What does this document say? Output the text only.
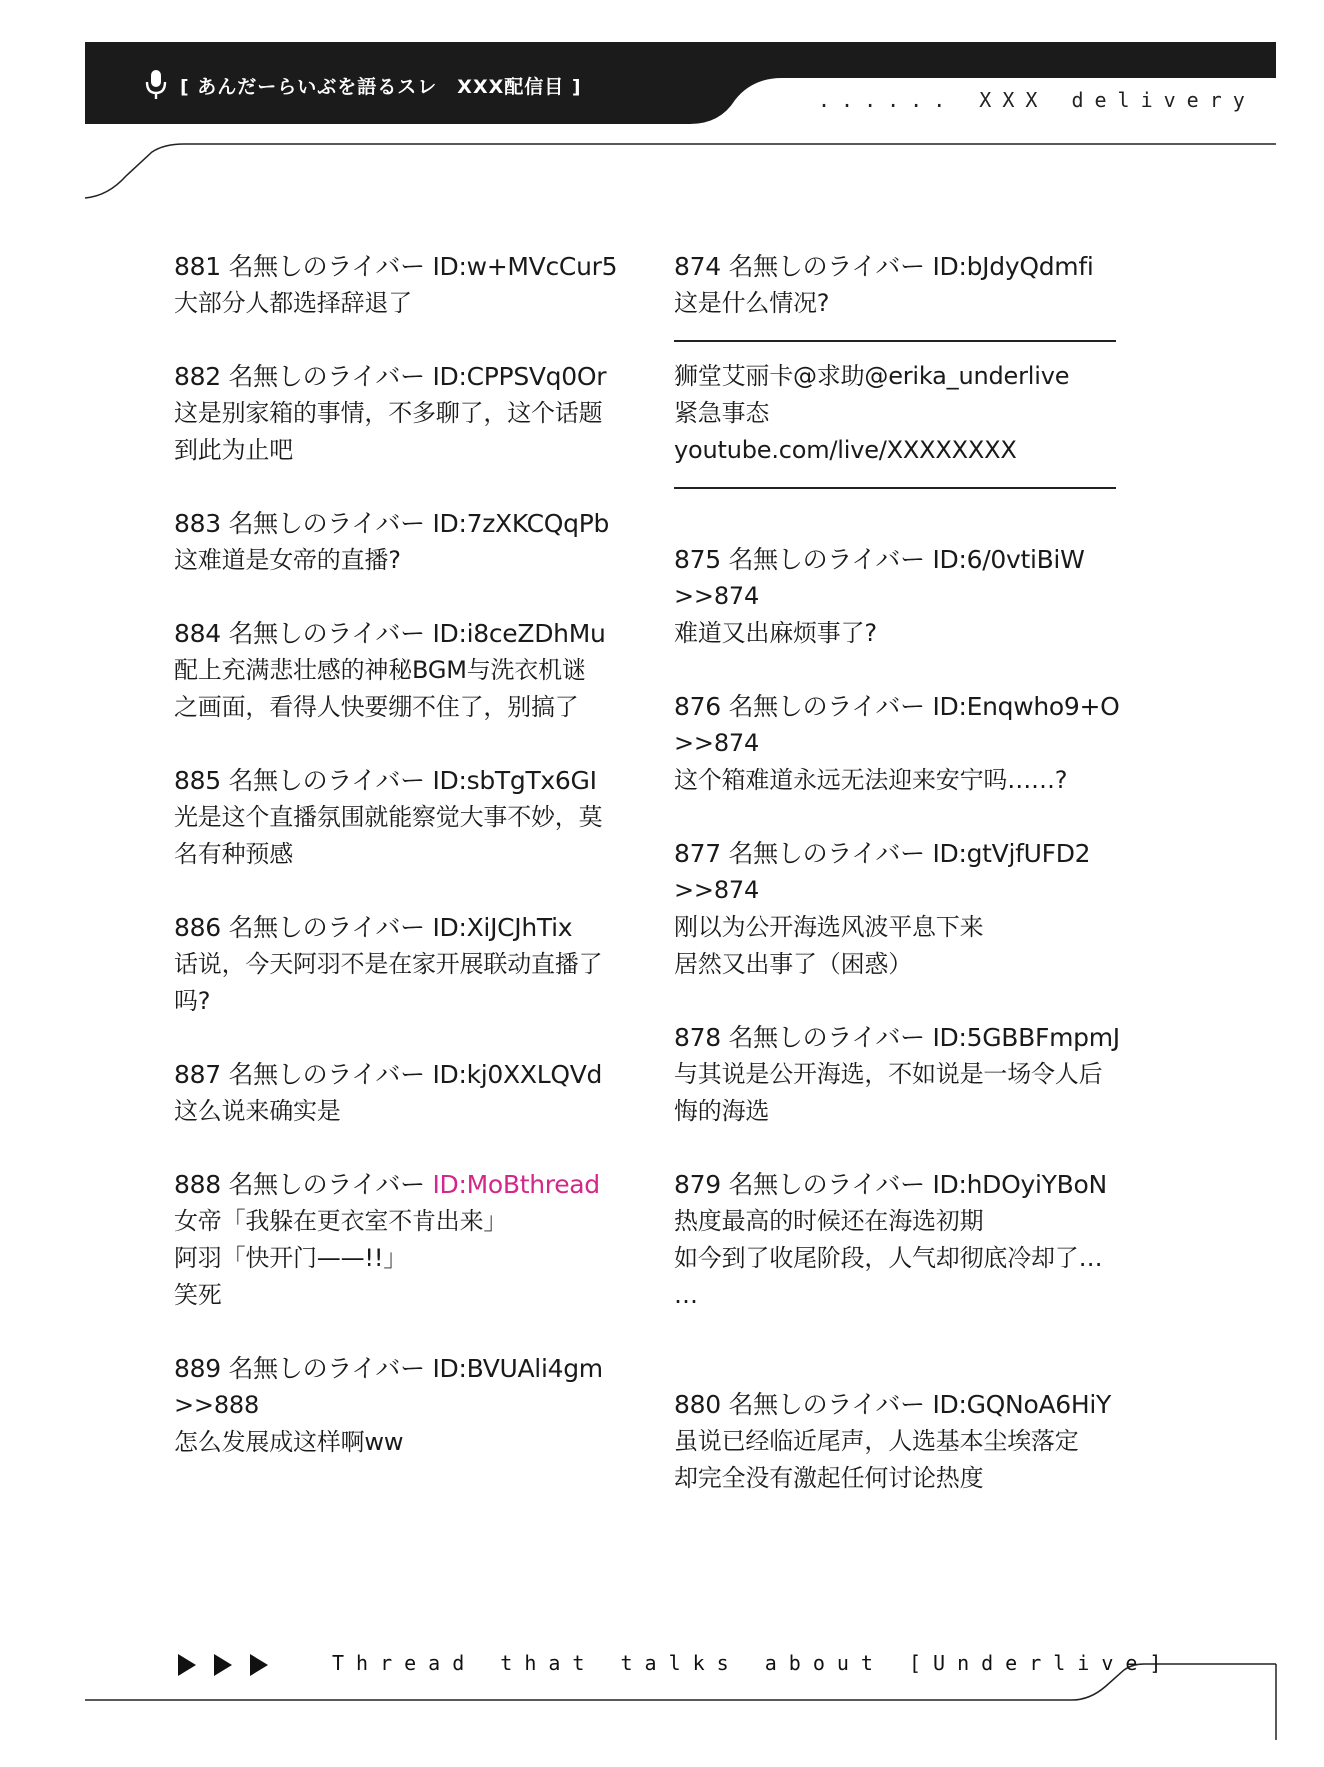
[ あんだーらいぶを語るスレ　XXX配信目 ]
...... XXX delivery
881 名無しのライバー ID:w+MVcCur5
大部分人都选择辞退了
882 名無しのライバー ID:CPPSVq0Or
这是别家箱的事情，不多聊了，这个话题
到此为止吧
883 名無しのライバー ID:7zXKCQqPb
这难道是女帝的直播?
884 名無しのライバー ID:i8ceZDhMu
配上充满悲壮感的神秘BGM与洗衣机谜
之画面，看得人快要绷不住了，别搞了
885 名無しのライバー ID:sbTgTx6GI
光是这个直播氛围就能察觉大事不妙，莫
名有种预感
886 名無しのライバー ID:XiJCJhTix
话说，今天阿羽不是在家开展联动直播了
吗?
887 名無しのライバー ID:kj0XXLQVd
这么说来确实是
888 名無しのライバー ID:MoBthread
女帝「我躲在更衣室不肯出来」
阿羽「快开门——!!」
笑死
889 名無しのライバー ID:BVUAli4gm
>>888
怎么发展成这样啊ww
874 名無しのライバー ID:bJdyQdmfi
这是什么情况?
狮堂艾丽卡@求助@erika_underlive
紧急事态
youtube.com/live/XXXXXXXX
875 名無しのライバー ID:6/0vtiBiW
>>874
难道又出麻烦事了?
876 名無しのライバー ID:Enqwho9+O
>>874
这个箱难道永远无法迎来安宁吗……?
877 名無しのライバー ID:gtVjfUFD2
>>874
刚以为公开海选风波平息下来
居然又出事了（困惑）
878 名無しのライバー ID:5GBBFmpmJ
与其说是公开海选，不如说是一场令人后
悔的海选
879 名無しのライバー ID:hDOyiYBoN
热度最高的时候还在海选初期
如今到了收尾阶段，人气却彻底冷却了…
…
880 名無しのライバー ID:GQNoA6HiY
虽说已经临近尾声，人选基本尘埃落定
却完全没有激起任何讨论热度
Thread that talks about [Underlive]
